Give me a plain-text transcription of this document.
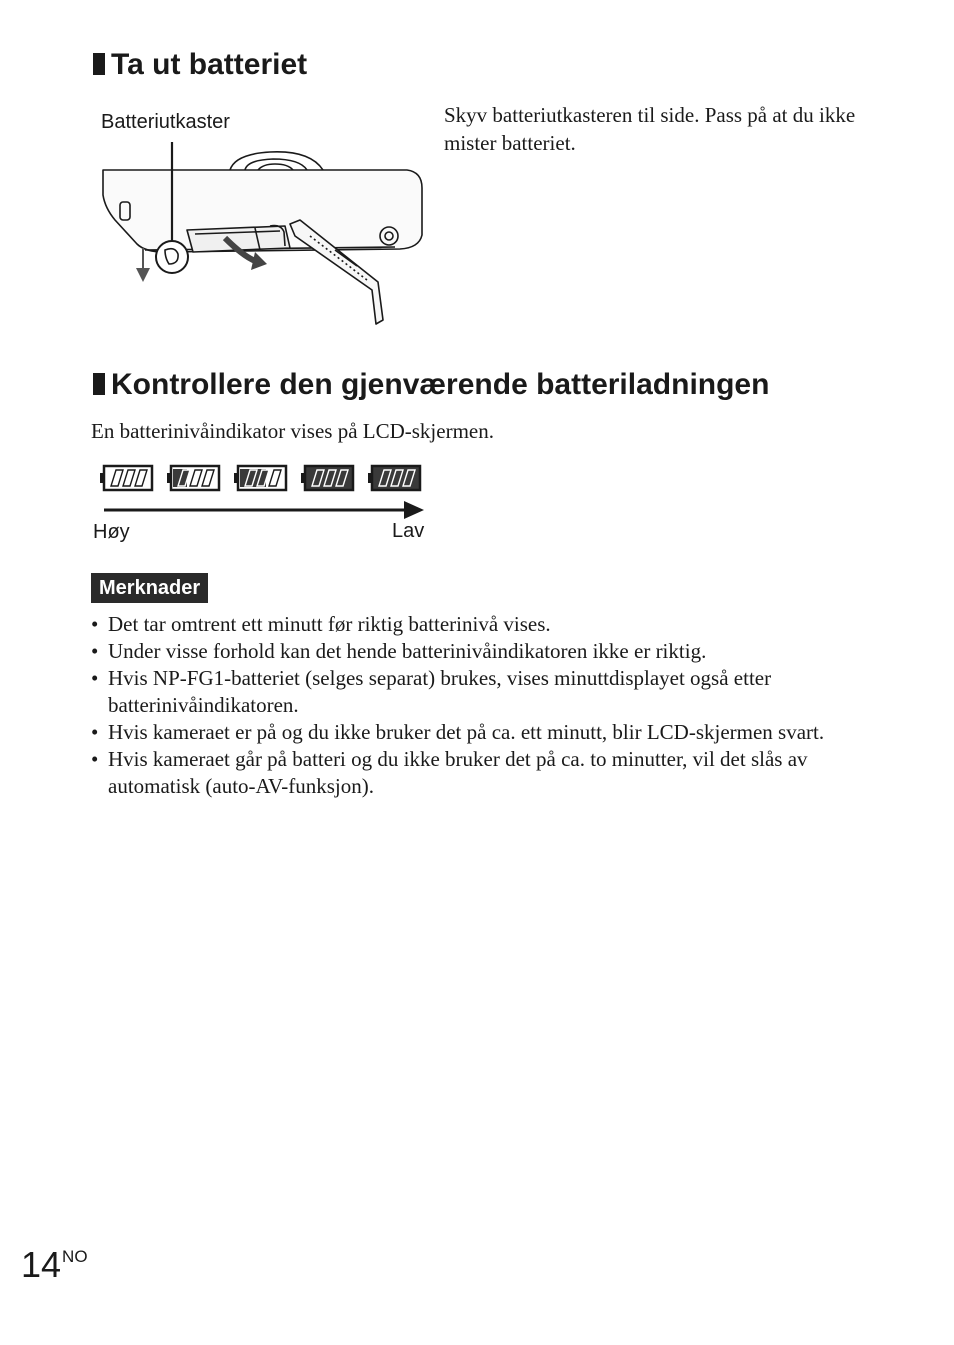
Ta ut batteriet
Batteriutkaster	Skyv batteriutkasteren til side. Pass på at du ikke mister batteriet.
Kontrollere den gjenværende batteriladningen
En batterinivåindikator vises på LCD-skjermen.
Høy	Lav
Merknader
• Det tar omtrent ett minutt før riktig batterinivå vises.
• Under visse forhold kan det hende batterinivåindikatoren ikke er riktig.
• Hvis NP-FG1-batteriet (selges separat) brukes, vises minuttdisplayet også etter batterinivåindikatoren.
• Hvis kameraet er på og du ikke bruker det på ca. ett minutt, blir LCD-skjermen svart.
• Hvis kameraet går på batteri og du ikke bruker det på ca. to minutter, vil det slås av automatisk (auto-AV-funksjon).
$14^{NO}$
